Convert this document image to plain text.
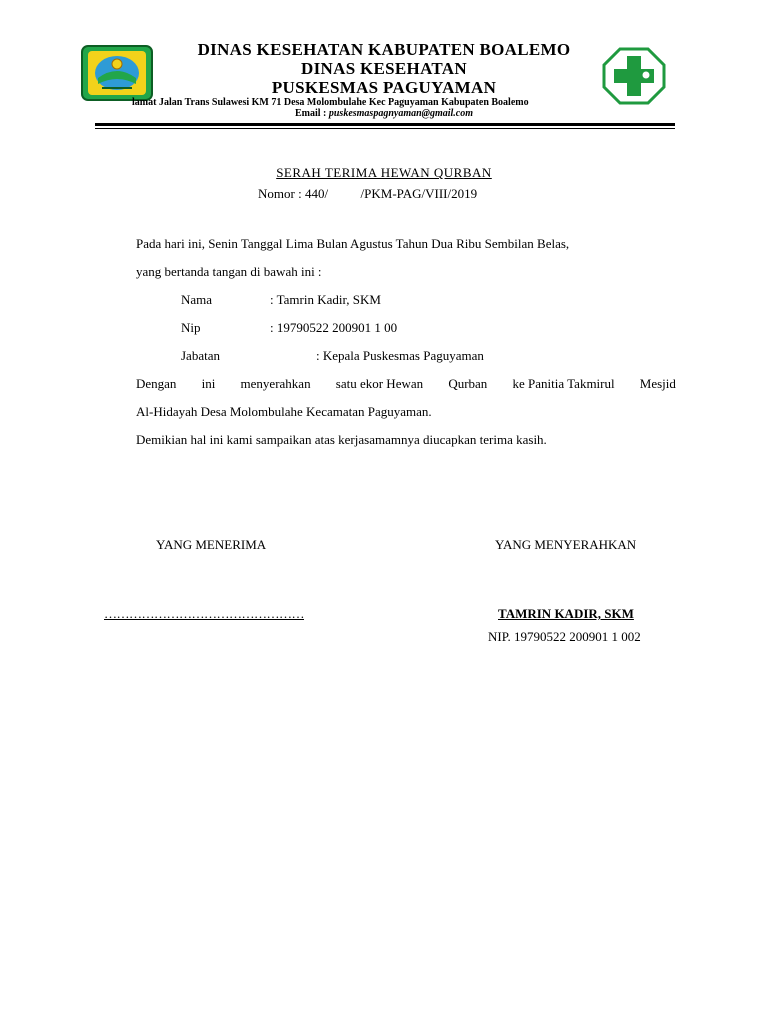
DINAS KESEHATAN KABUPATEN BOALEMO
DINAS KESEHATAN
PUSKESMAS PAGUYAMAN
lamat Jalan Trans Sulawesi KM 71 Desa Molombulahe Kec Paguyaman Kabupaten Boalemo
Email : puskesmaspagnyaman@gmail.com
SERAH TERIMA HEWAN QURBAN
Nomor : 440/          /PKM-PAG/VIII/2019
Pada hari ini, Senin Tanggal Lima Bulan Agustus Tahun Dua Ribu Sembilan Belas,
yang bertanda tangan di bawah ini :
Nama	: Tamrin Kadir, SKM
Nip	: 19790522 200901 1 00
Jabatan	: Kepala Puskesmas Paguyaman
Dengan ini menyerahkan satu ekor Hewan Qurban ke Panitia Takmirul Mesjid
Al-Hidayah Desa Molombulahe Kecamatan Paguyaman.
Demikian hal ini kami sampaikan atas kerjasamamnya diucapkan terima kasih.
YANG MENERIMA	YANG MENYERAHKAN
…………………………………………	TAMRIN KADIR, SKM
NIP. 19790522 200901 1 002
